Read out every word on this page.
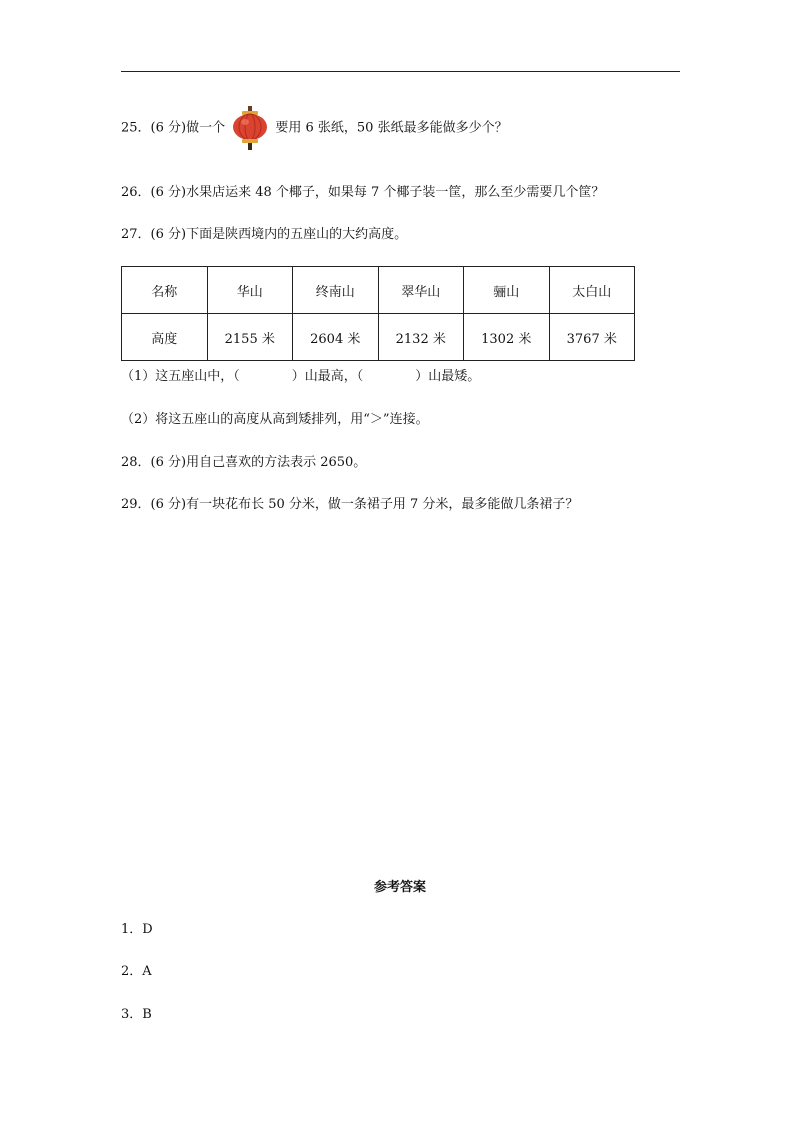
25．(6 分)做一个	要用 6 张纸，50 张纸最多能做多少个？
26．(6 分)水果店运来 48 个椰子，如果每 7 个椰子装一筐，那么至少需要几个筐？
27．(6 分)下面是陕西境内的五座山的大约高度。
名称	华山	终南山	翠华山	骊山	太白山
高度	2155 米	2604 米	2132 米	1302 米	3767 米
（1）这五座山中，（	）山最高，（	）山最矮。
（2）将这五座山的高度从高到矮排列，用“＞”连接。
28．(6 分)用自己喜欢的方法表示 2650。
29．(6 分)有一块花布长 50 分米，做一条裙子用 7 分米，最多能做几条裙子？
参考答案
1．D
2．A
3．B
